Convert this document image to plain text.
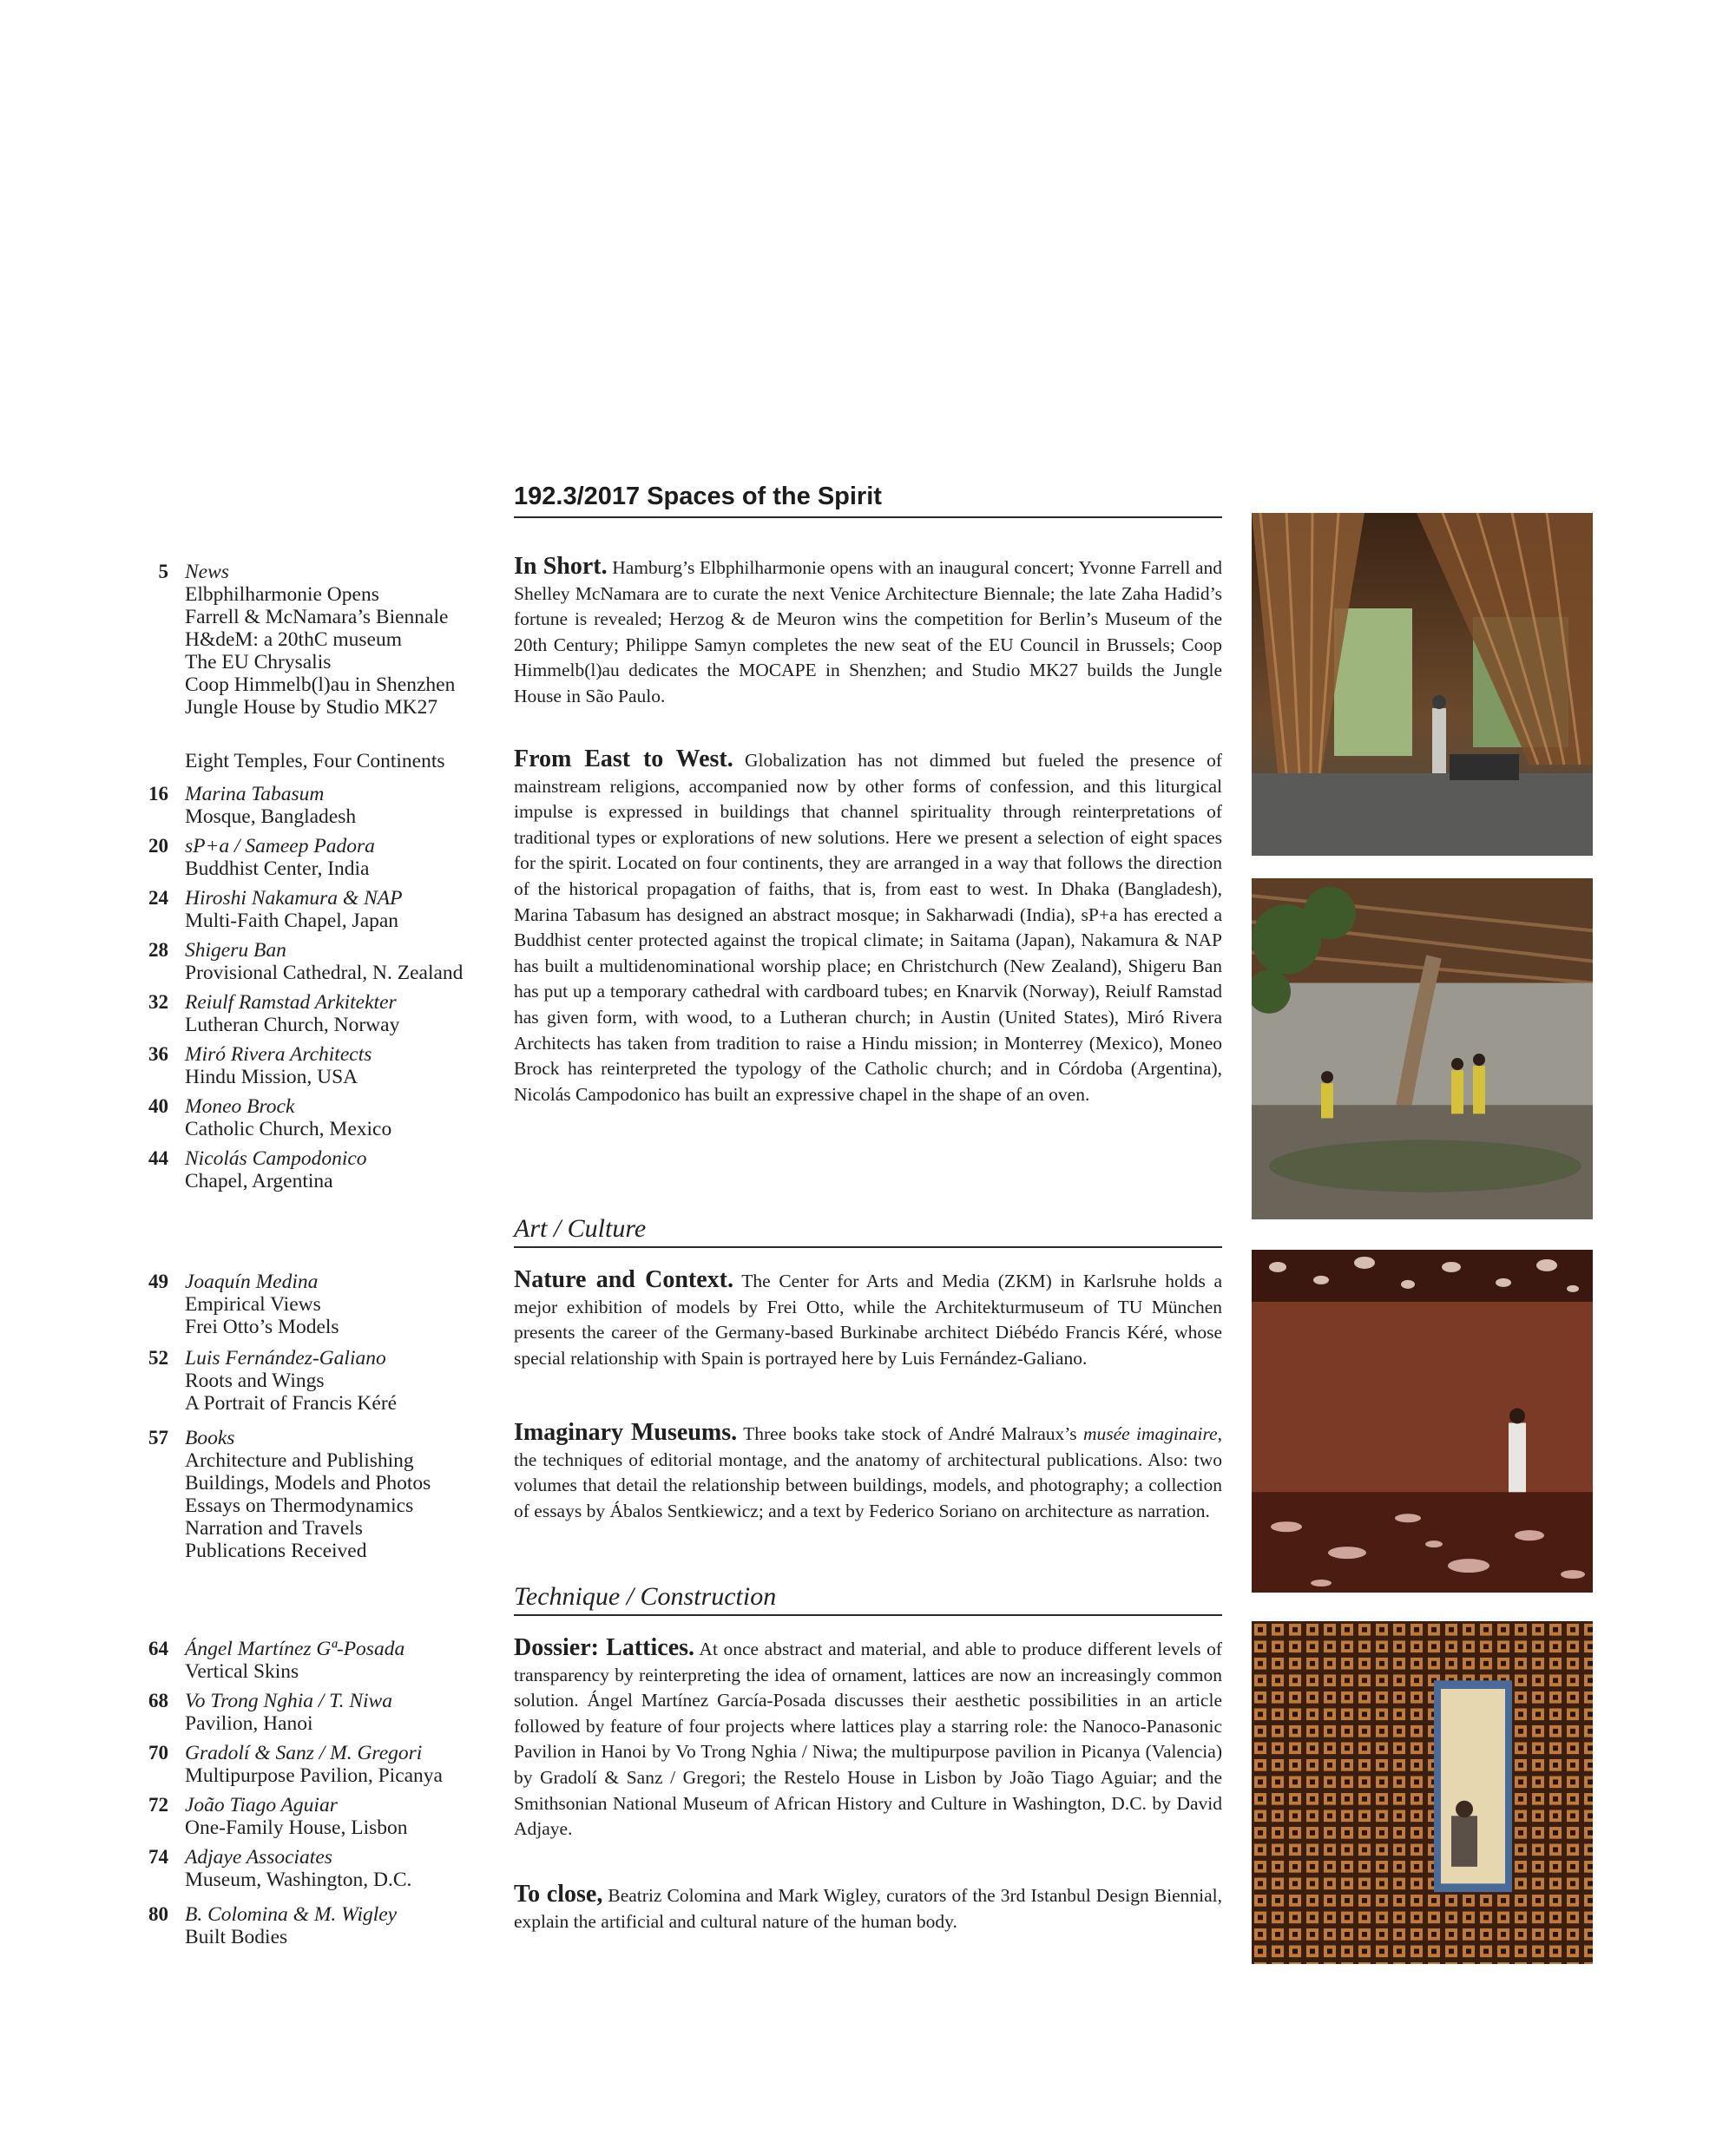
192.3/2017 Spaces of the Spirit
5 News
Elbphilharmonie Opens
Farrell & McNamara’s Biennale
H&deM: a 20thC museum
The EU Chrysalis
Coop Himmelb(l)au in Shenzhen
Jungle House by Studio MK27
Eight Temples, Four Continents
16 Marina Tabasum
Mosque, Bangladesh
20 sP+a / Sameep Padora
Buddhist Center, India
24 Hiroshi Nakamura & NAP
Multi-Faith Chapel, Japan
28 Shigeru Ban
Provisional Cathedral, N. Zealand
32 Reiulf Ramstad Arkitekter
Lutheran Church, Norway
36 Miró Rivera Architects
Hindu Mission, USA
40 Moneo Brock
Catholic Church, Mexico
44 Nicolás Campodonico
Chapel, Argentina
49 Joaquín Medina
Empirical Views
Frei Otto’s Models
52 Luis Fernández-Galiano
Roots and Wings
A Portrait of Francis Kéré
57 Books
Architecture and Publishing
Buildings, Models and Photos
Essays on Thermodynamics
Narration and Travels
Publications Received
64 Ángel Martínez Gª-Posada
Vertical Skins
68 Vo Trong Nghia / T. Niwa
Pavilion, Hanoi
70 Gradolí & Sanz / M. Gregori
Multipurpose Pavilion, Picanya
72 João Tiago Aguiar
One-Family House, Lisbon
74 Adjaye Associates
Museum, Washington, D.C.
80 B. Colomina & M. Wigley
Built Bodies
In Short. Hamburg’s Elbphilharmonie opens with an inaugural concert; Yvonne Farrell and Shelley McNamara are to curate the next Venice Architecture Biennale; the late Zaha Hadid’s fortune is revealed; Herzog & de Meuron wins the competition for Berlin’s Museum of the 20th Century; Philippe Samyn completes the new seat of the EU Council in Brussels; Coop Himmelb(l)au dedicates the MOCAPE in Shenzhen; and Studio MK27 builds the Jungle House in São Paulo.
From East to West. Globalization has not dimmed but fueled the presence of mainstream religions, accompanied now by other forms of confession, and this liturgical impulse is expressed in buildings that channel spirituality through reinterpretations of traditional types or explorations of new solutions. Here we present a selection of eight spaces for the spirit. Located on four continents, they are arranged in a way that follows the direction of the historical propagation of faiths, that is, from east to west. In Dhaka (Bangladesh), Marina Tabasum has designed an abstract mosque; in Sakharwadi (India), sP+a has erected a Buddhist center protected against the tropical climate; in Saitama (Japan), Nakamura & NAP has built a multidenominational worship place; en Christchurch (New Zealand), Shigeru Ban has put up a temporary cathedral with cardboard tubes; en Knarvik (Norway), Reiulf Ramstad has given form, with wood, to a Lutheran church; in Austin (United States), Miró Rivera Architects has taken from tradition to raise a Hindu mission; in Monterrey (Mexico), Moneo Brock has reinterpreted the typology of the Catholic church; and in Córdoba (Argentina), Nicolás Campodonico has built an expressive chapel in the shape of an oven.
Art / Culture
Nature and Context. The Center for Arts and Media (ZKM) in Karlsruhe holds a mejor exhibition of models by Frei Otto, while the Architekturmuseum of TU München presents the career of the Germany-based Burkinabe architect Diébédo Francis Kéré, whose special relationship with Spain is portrayed here by Luis Fernández-Galiano.
Imaginary Museums. Three books take stock of André Malraux’s musée imaginaire, the techniques of editorial montage, and the anatomy of architectural publications. Also: two volumes that detail the relationship between buildings, models, and photography; a collection of essays by Ábalos Sentkiewicz; and a text by Federico Soriano on architecture as narration.
Technique / Construction
Dossier: Lattices. At once abstract and material, and able to produce different levels of transparency by reinterpreting the idea of ornament, lattices are now an increasingly common solution. Ángel Martínez García-Posada discusses their aesthetic possibilities in an article followed by feature of four projects where lattices play a starring role: the Nanoco-Panasonic Pavilion in Hanoi by Vo Trong Nghia / Niwa; the multipurpose pavilion in Picanya (Valencia) by Gradolí & Sanz / Gregori; the Restelo House in Lisbon by João Tiago Aguiar; and the Smithsonian National Museum of African History and Culture in Washington, D.C. by David Adjaye.
To close, Beatriz Colomina and Mark Wigley, curators of the 3rd Istanbul Design Biennial, explain the artificial and cultural nature of the human body.
